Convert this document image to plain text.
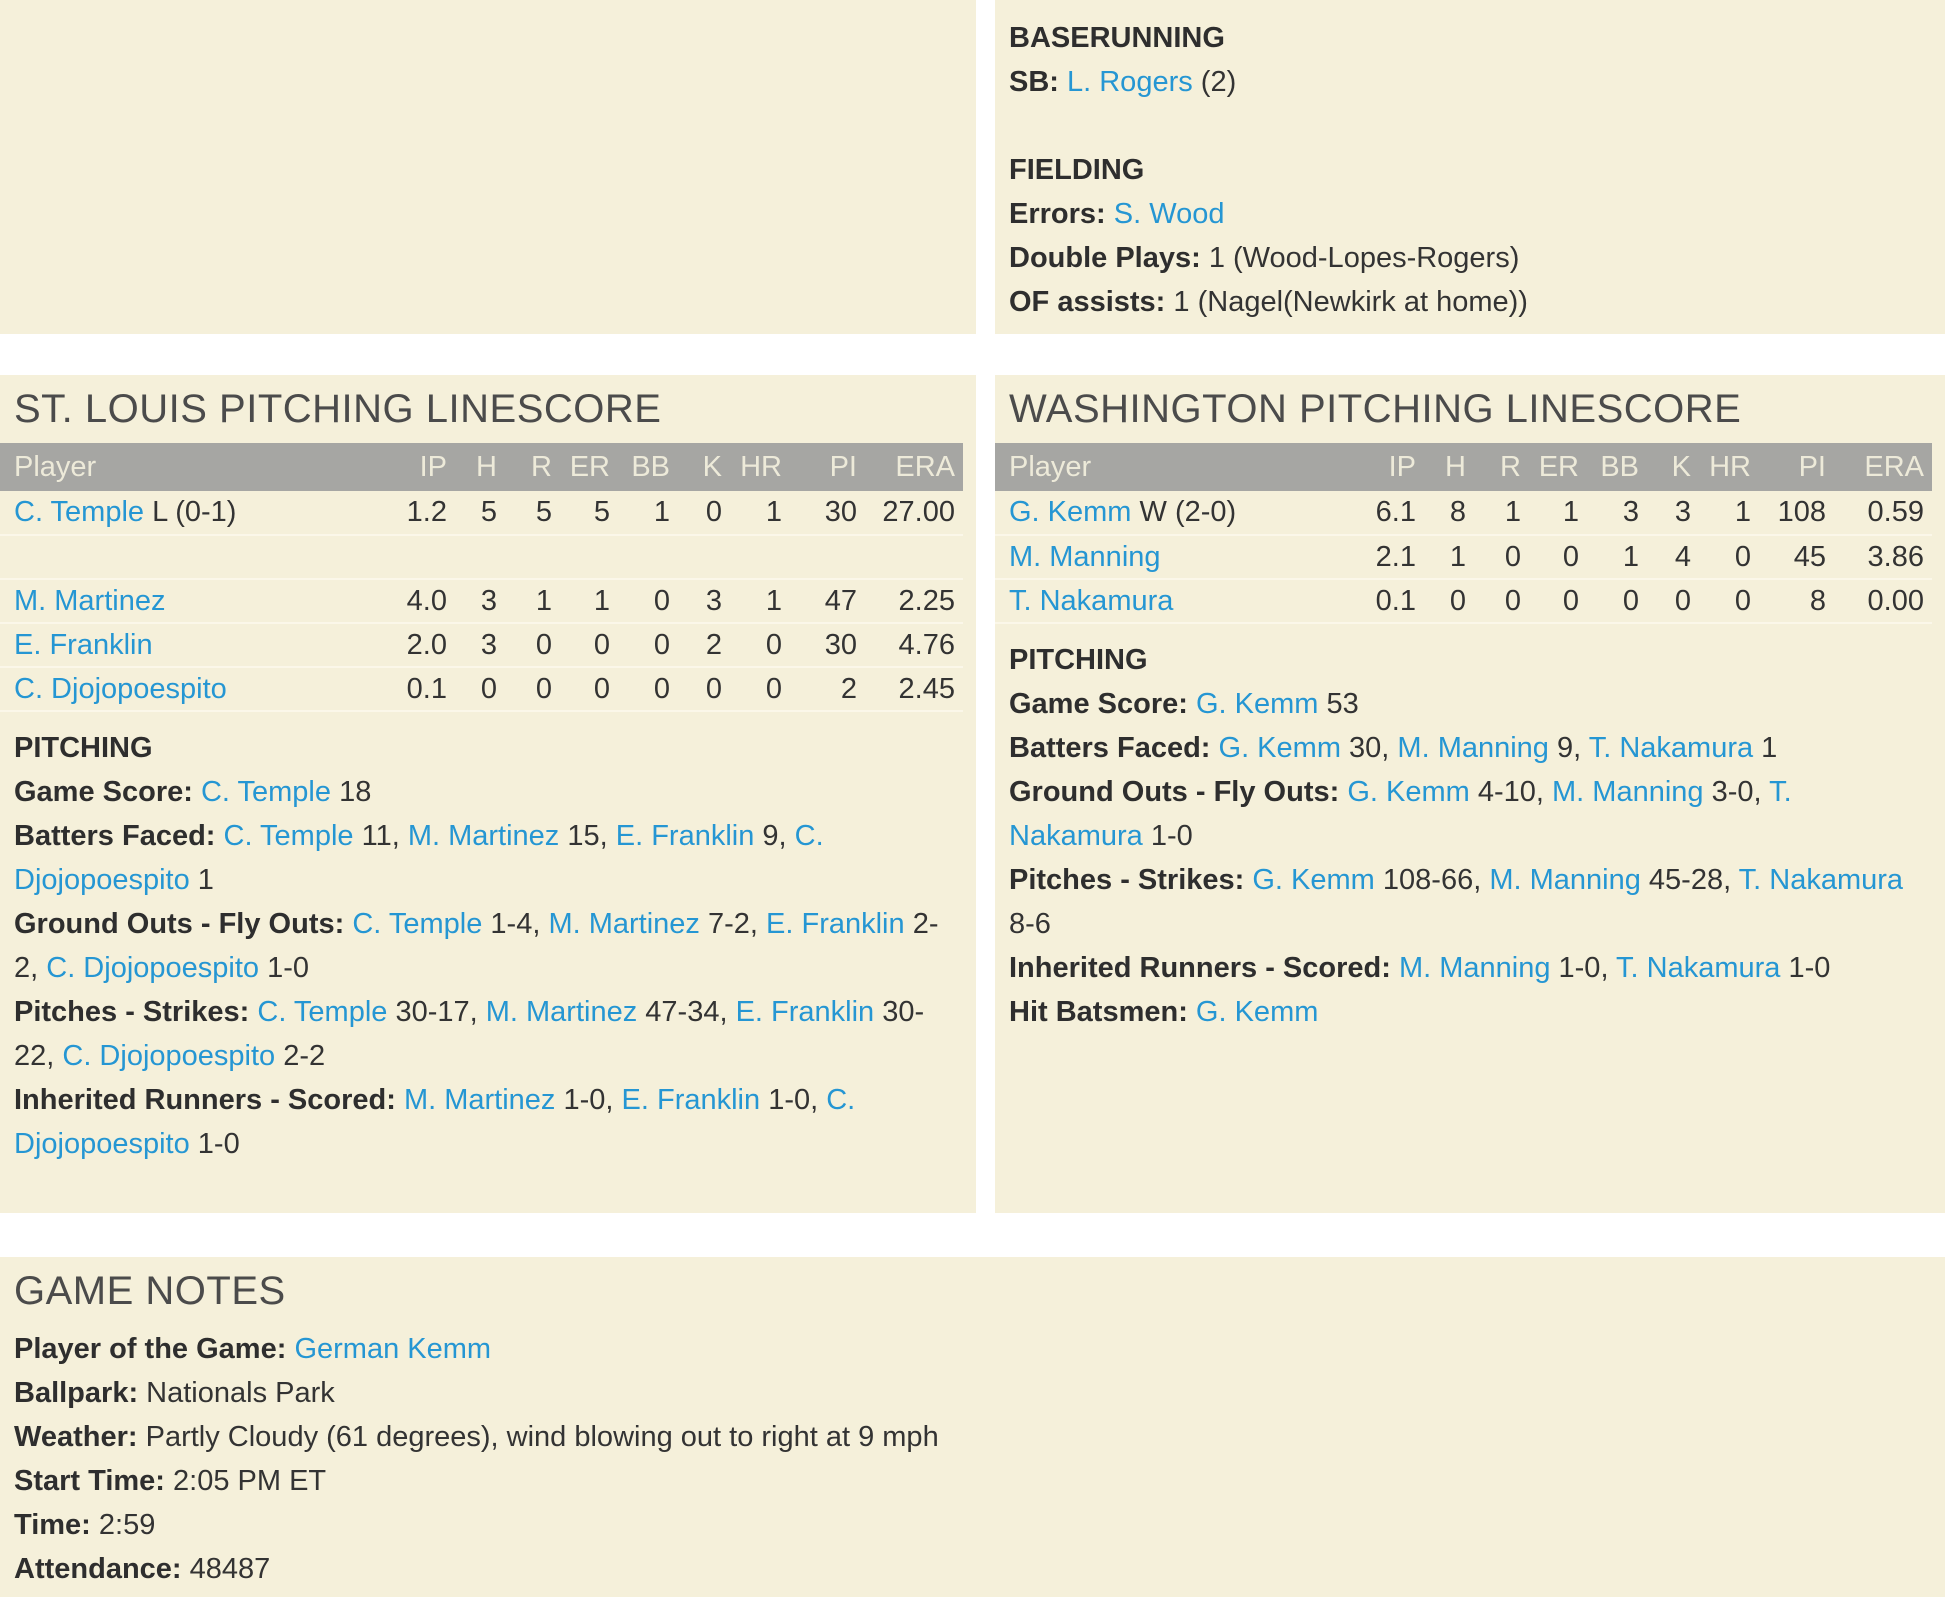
BASERUNNING
SB: L. Rogers (2)

FIELDING
Errors: S. Wood
Double Plays: 1 (Wood-Lopes-Rogers)
OF assists: 1 (Nagel(Newkirk at home))
ST. LOUIS PITCHING LINESCORE
Player	IP	H	R	ER	BB	K	HR	PI	ERA
C. Temple L (0-1)	1.2	5	5	5	1	0	1	30	27.00

M. Martinez	4.0	3	1	1	0	3	1	47	2.25
E. Franklin	2.0	3	0	0	0	2	0	30	4.76
C. Djojopoespito	0.1	0	0	0	0	0	0	2	2.45
PITCHING
Game Score: C. Temple 18
Batters Faced: C. Temple 11, M. Martinez 15, E. Franklin 9, C. Djojopoespito 1
Ground Outs - Fly Outs: C. Temple 1-4, M. Martinez 7-2, E. Franklin 2-2, C. Djojopoespito 1-0
Pitches - Strikes: C. Temple 30-17, M. Martinez 47-34, E. Franklin 30-22, C. Djojopoespito 2-2
Inherited Runners - Scored: M. Martinez 1-0, E. Franklin 1-0, C. Djojopoespito 1-0
WASHINGTON PITCHING LINESCORE
Player	IP	H	R	ER	BB	K	HR	PI	ERA
G. Kemm W (2-0)	6.1	8	1	1	3	3	1	108	0.59
M. Manning	2.1	1	0	0	1	4	0	45	3.86
T. Nakamura	0.1	0	0	0	0	0	0	8	0.00
PITCHING
Game Score: G. Kemm 53
Batters Faced: G. Kemm 30, M. Manning 9, T. Nakamura 1
Ground Outs - Fly Outs: G. Kemm 4-10, M. Manning 3-0, T. Nakamura 1-0
Pitches - Strikes: G. Kemm 108-66, M. Manning 45-28, T. Nakamura 8-6
Inherited Runners - Scored: M. Manning 1-0, T. Nakamura 1-0
Hit Batsmen: G. Kemm
GAME NOTES
Player of the Game: German Kemm
Ballpark: Nationals Park
Weather: Partly Cloudy (61 degrees), wind blowing out to right at 9 mph
Start Time: 2:05 PM ET
Time: 2:59
Attendance: 48487
